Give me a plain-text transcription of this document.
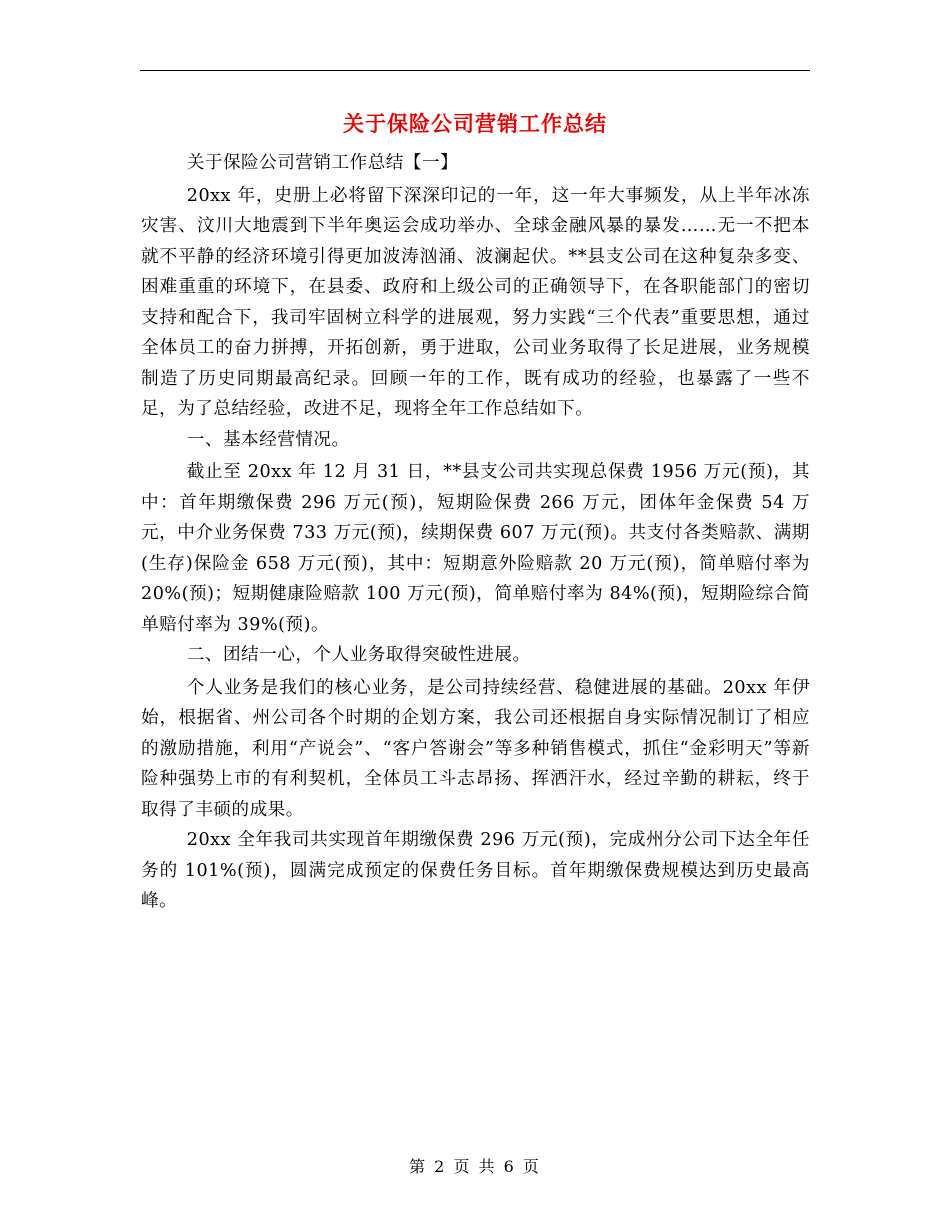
关于保险公司营销工作总结

关于保险公司营销工作总结【一】

20xx 年，史册上必将留下深深印记的一年，这一年大事频发，从上半年冰冻灾害、汶川大地震到下半年奥运会成功举办、全球金融风暴的暴发……无一不把本就不平静的经济环境引得更加波涛汹涌、波澜起伏。**县支公司在这种复杂多变、困难重重的环境下，在县委、政府和上级公司的正确领导下，在各职能部门的密切支持和配合下，我司牢固树立科学的进展观，努力实践“三个代表”重要思想，通过全体员工的奋力拼搏，开拓创新，勇于进取，公司业务取得了长足进展，业务规模制造了历史同期最高纪录。回顾一年的工作，既有成功的经验，也暴露了一些不足，为了总结经验，改进不足，现将全年工作总结如下。

一、基本经营情况。

截止至 20xx 年 12 月 31 日，**县支公司共实现总保费 1956 万元(预)，其中：首年期缴保费 296 万元(预)，短期险保费 266 万元，团体年金保费 54 万元，中介业务保费 733 万元(预)，续期保费 607 万元(预)。共支付各类赔款、满期(生存)保险金 658 万元(预)，其中：短期意外险赔款 20 万元(预)，简单赔付率为 20%(预)；短期健康险赔款 100 万元(预)，简单赔付率为 84%(预)，短期险综合简单赔付率为 39%(预)。

二、团结一心，个人业务取得突破性进展。

个人业务是我们的核心业务，是公司持续经营、稳健进展的基础。20xx 年伊始，根据省、州公司各个时期的企划方案，我公司还根据自身实际情况制订了相应的激励措施，利用“产说会”、“客户答谢会”等多种销售模式，抓住“金彩明天”等新险种强势上市的有利契机，全体员工斗志昂扬、挥洒汗水，经过辛勤的耕耘，终于取得了丰硕的成果。

20xx 全年我司共实现首年期缴保费 296 万元(预)，完成州分公司下达全年任务的 101%(预)，圆满完成预定的保费任务目标。首年期缴保费规模达到历史最高峰。

第 2 页 共 6 页
